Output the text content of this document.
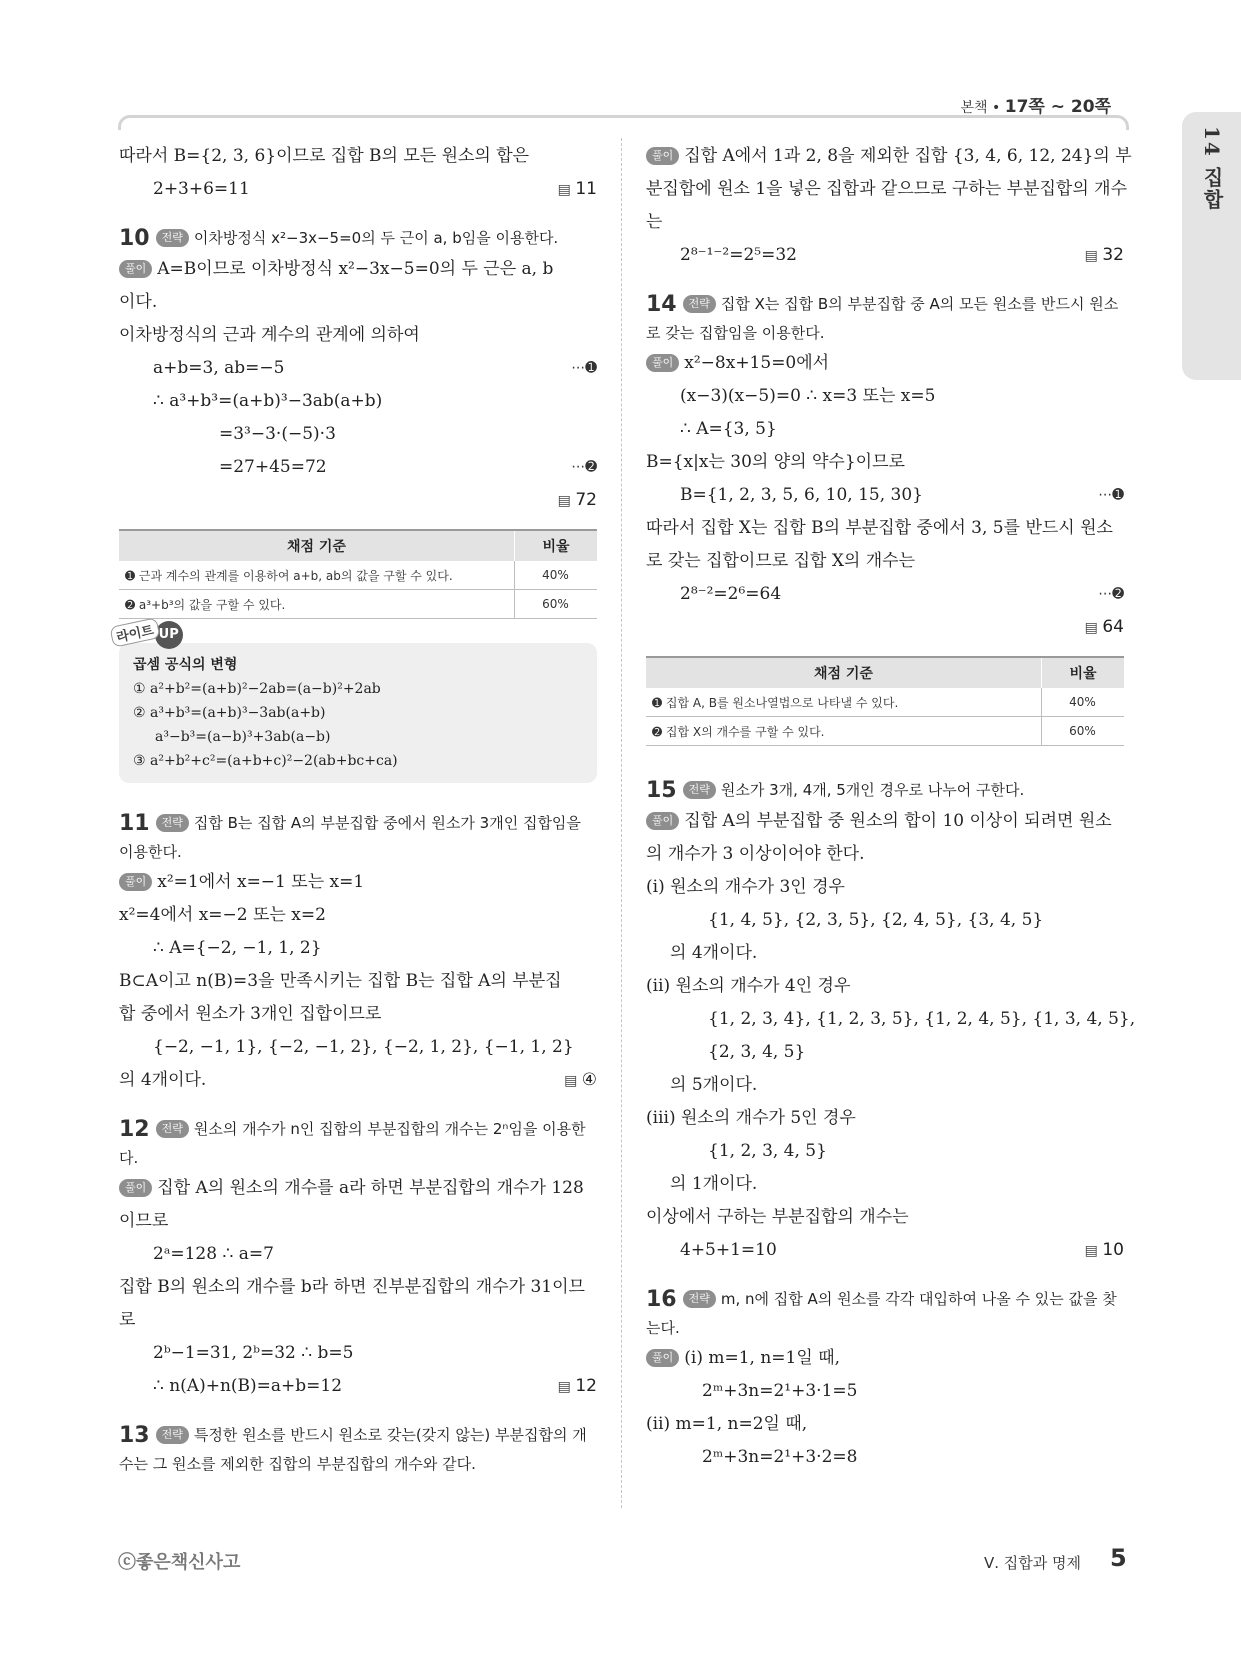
본책 • 17쪽 ~ 20쪽
14 집합
따라서 B={2, 3, 6}이므로 집합 B의 모든 원소의 합은
2+3+6=11	▤ 11
10 전략 이차방정식 x²−3x−5=0의 두 근이 a, b임을 이용한다.
풀이 A=B이므로 이차방정식 x²−3x−5=0의 두 근은 a, b
이다.
이차방정식의 근과 계수의 관계에 의하여
a+b=3, ab=−5	⋯➊
∴ a³+b³=(a+b)³−3ab(a+b)
=3³−3·(−5)·3
=27+45=72	⋯➋
▤ 72
채점 기준	비율
➊ 근과 계수의 관계를 이용하여 a+b, ab의 값을 구할 수 있다.	40%
➋ a³+b³의 값을 구할 수 있다.	60%
라이트 UP
곱셈 공식의 변형
① a²+b²=(a+b)²−2ab=(a−b)²+2ab
② a³+b³=(a+b)³−3ab(a+b)
a³−b³=(a−b)³+3ab(a−b)
③ a²+b²+c²=(a+b+c)²−2(ab+bc+ca)
11 전략 집합 B는 집합 A의 부분집합 중에서 원소가 3개인 집합임을 이용한다.
풀이 x²=1에서 x=−1 또는 x=1
x²=4에서 x=−2 또는 x=2
∴ A={−2, −1, 1, 2}
B⊂A이고 n(B)=3을 만족시키는 집합 B는 집합 A의 부분집
합 중에서 원소가 3개인 집합이므로
{−2, −1, 1}, {−2, −1, 2}, {−2, 1, 2}, {−1, 1, 2}
의 4개이다.	▤ ④
12 전략 원소의 개수가 n인 집합의 부분집합의 개수는 2ⁿ임을 이용한다.
풀이 집합 A의 원소의 개수를 a라 하면 부분집합의 개수가 128
이므로
2ᵃ=128 ∴ a=7
집합 B의 원소의 개수를 b라 하면 진부분집합의 개수가 31이므
로
2ᵇ−1=31, 2ᵇ=32 ∴ b=5
∴ n(A)+n(B)=a+b=12	▤ 12
13 전략 특정한 원소를 반드시 원소로 갖는(갖지 않는) 부분집합의 개수는 그 원소를 제외한 집합의 부분집합의 개수와 같다.
풀이 집합 A에서 1과 2, 8을 제외한 집합 {3, 4, 6, 12, 24}의 부
분집합에 원소 1을 넣은 집합과 같으므로 구하는 부분집합의 개수
는
2⁸⁻¹⁻²=2⁵=32	▤ 32
14 전략 집합 X는 집합 B의 부분집합 중 A의 모든 원소를 반드시 원소로 갖는 집합임을 이용한다.
풀이 x²−8x+15=0에서
(x−3)(x−5)=0 ∴ x=3 또는 x=5
∴ A={3, 5}
B={x|x는 30의 양의 약수}이므로
B={1, 2, 3, 5, 6, 10, 15, 30}	⋯➊
따라서 집합 X는 집합 B의 부분집합 중에서 3, 5를 반드시 원소
로 갖는 집합이므로 집합 X의 개수는
2⁸⁻²=2⁶=64	⋯➋
▤ 64
채점 기준	비율
➊ 집합 A, B를 원소나열법으로 나타낼 수 있다.	40%
➋ 집합 X의 개수를 구할 수 있다.	60%
15 전략 원소가 3개, 4개, 5개인 경우로 나누어 구한다.
풀이 집합 A의 부분집합 중 원소의 합이 10 이상이 되려면 원소
의 개수가 3 이상이어야 한다.
(ⅰ) 원소의 개수가 3인 경우
{1, 4, 5}, {2, 3, 5}, {2, 4, 5}, {3, 4, 5}
의 4개이다.
(ⅱ) 원소의 개수가 4인 경우
{1, 2, 3, 4}, {1, 2, 3, 5}, {1, 2, 4, 5}, {1, 3, 4, 5},
{2, 3, 4, 5}
의 5개이다.
(ⅲ) 원소의 개수가 5인 경우
{1, 2, 3, 4, 5}
의 1개이다.
이상에서 구하는 부분집합의 개수는
4+5+1=10	▤ 10
16 전략 m, n에 집합 A의 원소를 각각 대입하여 나올 수 있는 값을 찾는다.
풀이 (ⅰ) m=1, n=1일 때,
2ᵐ+3n=2¹+3·1=5
(ⅱ) m=1, n=2일 때,
2ᵐ+3n=2¹+3·2=8
ⓒ좋은책신사고	Ⅴ. 집합과 명제 5
